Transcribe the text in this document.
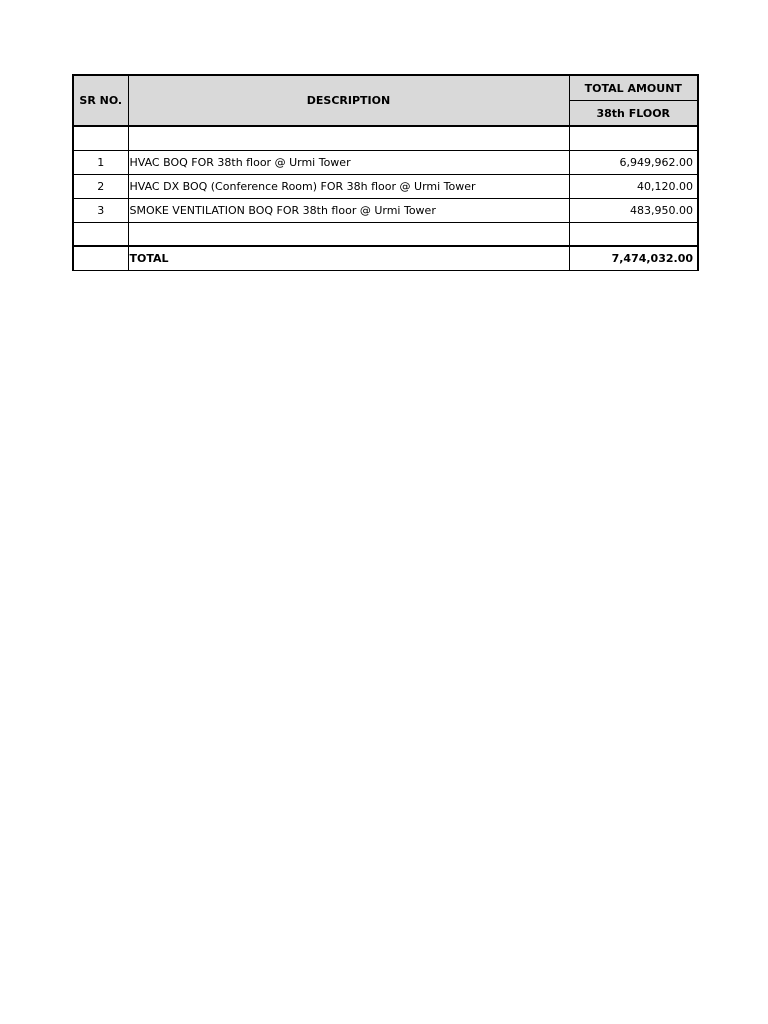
SR NO.	DESCRIPTION	TOTAL AMOUNT
		38th FLOOR

1	HVAC BOQ FOR 38th floor @ Urmi Tower	6,949,962.00
2	HVAC DX BOQ (Conference Room) FOR 38h floor @ Urmi Tower	40,120.00
3	SMOKE VENTILATION BOQ FOR 38th floor @ Urmi Tower	483,950.00

	TOTAL	7,474,032.00
